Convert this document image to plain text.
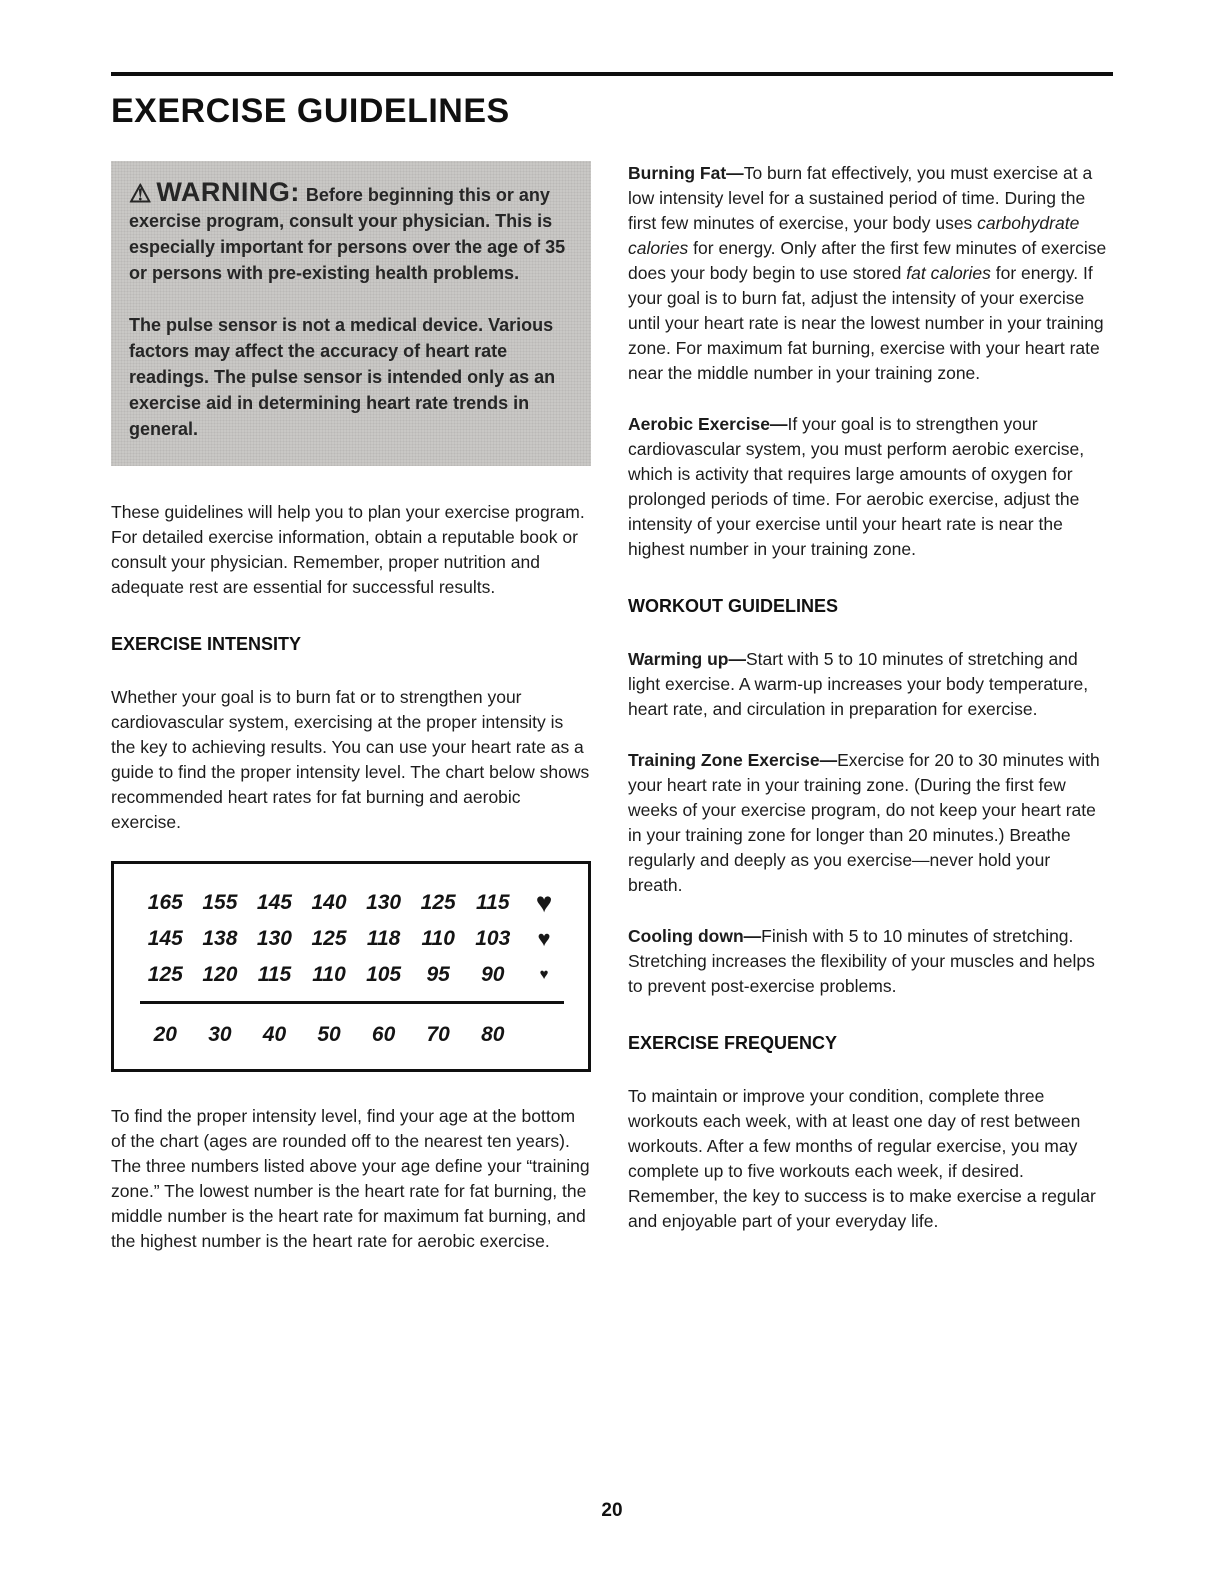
EXERCISE GUIDELINES

⚠ WARNING: Before beginning this or any exercise program, consult your physician. This is especially important for persons over the age of 35 or persons with pre-existing health problems.

The pulse sensor is not a medical device. Various factors may affect the accuracy of heart rate readings. The pulse sensor is intended only as an exercise aid in determining heart rate trends in general.

These guidelines will help you to plan your exercise program. For detailed exercise information, obtain a reputable book or consult your physician. Remember, proper nutrition and adequate rest are essential for successful results.

EXERCISE INTENSITY

Whether your goal is to burn fat or to strengthen your cardiovascular system, exercising at the proper intensity is the key to achieving results. You can use your heart rate as a guide to find the proper intensity level. The chart below shows recommended heart rates for fat burning and aerobic exercise.

165 155 145 140 130 125 115 ♥
145 138 130 125 118	110 103	♥
125 120 115	110 105	95	90	♥
20	30	40	50	60	70	80

To find the proper intensity level, find your age at the bottom of the chart (ages are rounded off to the nearest ten years). The three numbers listed above your age define your “training zone.” The lowest number is the heart rate for fat burning, the middle number is the heart rate for maximum fat burning, and the highest number is the heart rate for aerobic exercise.

Burning Fat—To burn fat effectively, you must exercise at a low intensity level for a sustained period of time. During the first few minutes of exercise, your body uses carbohydrate calories for energy. Only after the first few minutes of exercise does your body begin to use stored fat calories for energy. If your goal is to burn fat, adjust the intensity of your exercise until your heart rate is near the lowest number in your training zone. For maximum fat burning, exercise with your heart rate near the middle number in your training zone.

Aerobic Exercise—If your goal is to strengthen your cardiovascular system, you must perform aerobic exercise, which is activity that requires large amounts of oxygen for prolonged periods of time. For aerobic exercise, adjust the intensity of your exercise until your heart rate is near the highest number in your training zone.

WORKOUT GUIDELINES

Warming up—Start with 5 to 10 minutes of stretching and light exercise. A warm-up increases your body temperature, heart rate, and circulation in preparation for exercise.

Training Zone Exercise—Exercise for 20 to 30 minutes with your heart rate in your training zone. (During the first few weeks of your exercise program, do not keep your heart rate in your training zone for longer than 20 minutes.) Breathe regularly and deeply as you exercise—never hold your breath.

Cooling down—Finish with 5 to 10 minutes of stretching. Stretching increases the flexibility of your muscles and helps to prevent post-exercise problems.

EXERCISE FREQUENCY

To maintain or improve your condition, complete three workouts each week, with at least one day of rest between workouts. After a few months of regular exercise, you may complete up to five workouts each week, if desired. Remember, the key to success is to make exercise a regular and enjoyable part of your everyday life.

20
